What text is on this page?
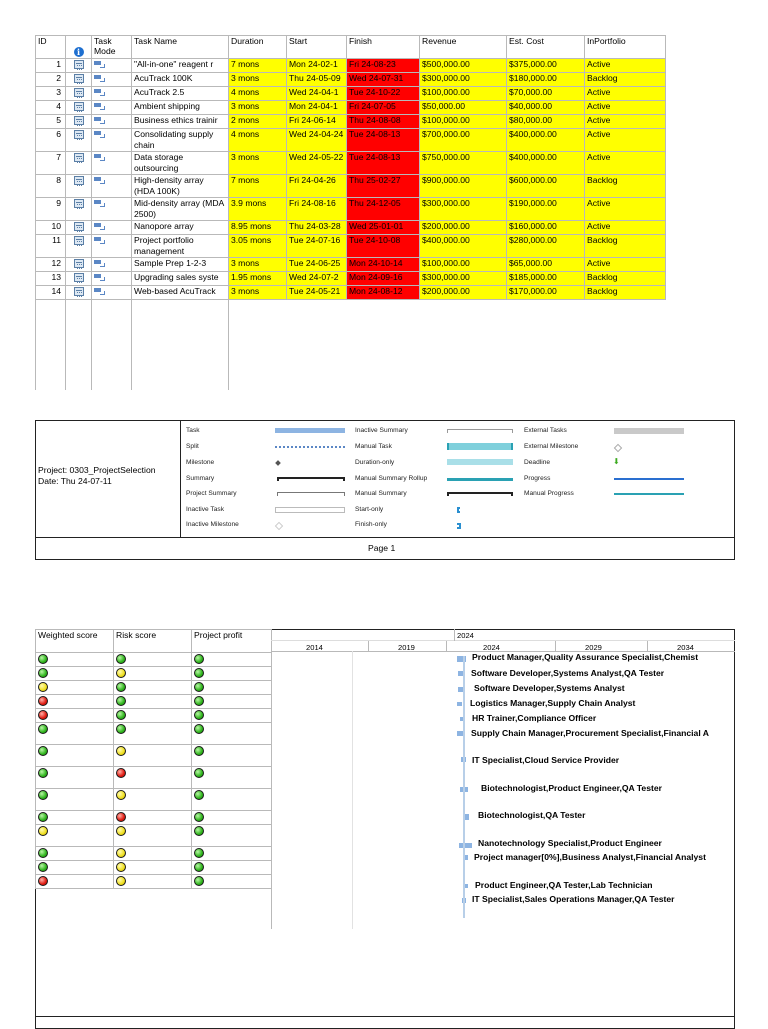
ID	i	Task Mode	Task Name	Duration	Start	Finish	Revenue	Est. Cost	InPortfolio
1			"All-in-one" reagent r	7 mons	Mon 24-02-1	Fri 24-08-23	$500,000.00	$375,000.00	Active
2			AcuTrack 100K	3 mons	Thu 24-05-09	Wed 24-07-31	$300,000.00	$180,000.00	Backlog
3			AcuTrack 2.5	4 mons	Wed 24-04-1	Tue 24-10-22	$100,000.00	$70,000.00	Active
4			Ambient shipping	3 mons	Mon 24-04-1	Fri 24-07-05	$50,000.00	$40,000.00	Active
5			Business ethics trainir	2 mons	Fri 24-06-14	Thu 24-08-08	$100,000.00	$80,000.00	Active
6			Consolidating supply chain	4 mons	Wed 24-04-24	Tue 24-08-13	$700,000.00	$400,000.00	Active
7			Data storage outsourcing	3 mons	Wed 24-05-22	Tue 24-08-13	$750,000.00	$400,000.00	Active
8			High-density array (HDA 100K)	7 mons	Fri 24-04-26	Thu 25-02-27	$900,000.00	$600,000.00	Backlog
9			Mid-density array (MDA 2500)	3.9 mons	Fri 24-08-16	Thu 24-12-05	$300,000.00	$190,000.00	Active
10			Nanopore array	8.95 mons	Thu 24-03-28	Wed 25-01-01	$200,000.00	$160,000.00	Active
11			Project portfolio management	3.05 mons	Tue 24-07-16	Tue 24-10-08	$400,000.00	$280,000.00	Backlog
12			Sample Prep 1-2-3	3 mons	Tue 24-06-25	Mon 24-10-14	$100,000.00	$65,000.00	Active
13			Upgrading sales syste	1.95 mons	Wed 24-07-2	Mon 24-09-16	$300,000.00	$185,000.00	Backlog
14			Web-based AcuTrack	3 mons	Tue 24-05-21	Mon 24-08-12	$200,000.00	$170,000.00	Backlog

Project: 0303_ProjectSelection
Date: Thu 24-07-11
Page 1
Task
Split
Milestone
Summary
Project Summary
Inactive Task
Inactive Milestone
Inactive Summary
Manual Task
Duration-only
Manual Summary Rollup
Manual Summary
Start-only
Finish-only
External Tasks
External Milestone
Deadline
Progress
Manual Progress
⬇
Weighted score	Risk score	Project profit

			2024
2014	2019	2024	2029	2034
Product Manager,Quality Assurance Specialist,Chemist
Software Developer,Systems Analyst,QA Tester
Software Developer,Systems Analyst
Logistics Manager,Supply Chain Analyst
HR Trainer,Compliance Officer
Supply Chain Manager,Procurement Specialist,Financial A
IT Specialist,Cloud Service Provider
Biotechnologist,Product Engineer,QA Tester
Biotechnologist,QA Tester
Nanotechnology Specialist,Product Engineer
Project manager[0%],Business Analyst,Financial Analyst
Product Engineer,QA Tester,Lab Technician
IT Specialist,Sales Operations Manager,QA Tester
